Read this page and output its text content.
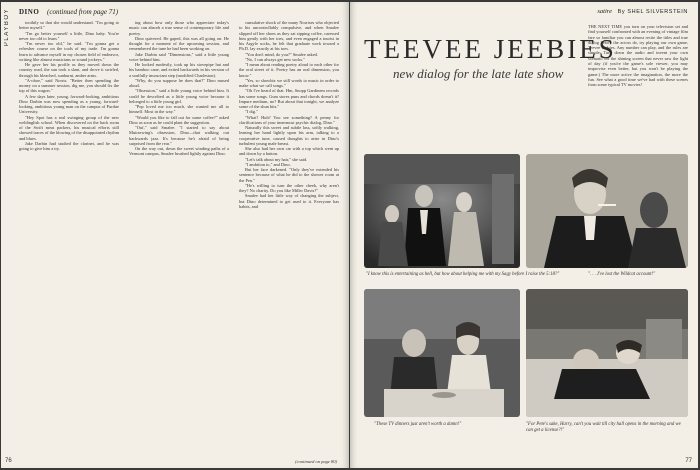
PLAYBOY DINO (continued from page 71)

toothily so that she would understand. "I'm going to better myself."

"I'm go better yourself a little, Dino baby. You're never too old to learn."

"I'm never too old," he said. "I'm gonna get a refresher course on the tools of my trade. I'm gonna learn to advance myself in my chosen field of endeavor, writing like almost musicians or sound jockeys."

He gave her his profile as they moved down the country road, the sun took a slant, and drove it swirled, through his bleached, sunburnt, amber arms.

"A-oboe," said Norris. "Better then spending the money on a summer session, dig me, you should fix the top of this wagon."

A few days later, young, forward-looking, ambitious Dino Darbin was now spending as a young, forward-looking, ambitious young man on the campus of Purdue University.

"Hey Spot has a real swinging group of the new weldinglish school. When discovered on the back room of the Swift meat packers, his musical efforts still showed traces of the blowing of the disappointed rhythm and blues.

Jake Darbin had studied the clarinet, and he was going to give him a try.

ing about how only those who appreciate today's music can absorb a true sense of contemporary life and poetry.

Dino quivered. He gaped, this was all going on. He thought for a moment of the upcoming session, and remembered the tune he had been working on.

Jake Darbin said "Dimensions," said a little young voice behind him.

He looked modestly, took up his stovepipe hat and his bamboo cane, and exited backwards in his version of a soulfully insouciant step (modified Charleston).

"Why, do you suppose he does that?" Dino mused aloud.

"Obsession," said a little young voice behind him. It could be described as a little young voice because it belonged to a little young girl.

"Pop loved me too much, she wanted me all to himself. Most in the way."

"Would you like to fall out for some coffee?" asked Dino as soon as he could plant the suggestion.

"Ouf," said Smalee. "I started to say about Muirsewing's obsession, Dino—that walking out backwards jazz. It's because he's afraid of being surprised from the rear."

On the way out, down the sweet winding paths of a Vermont campus, Smalee brushed lightly against Dino.

cumulative shock of the many Norrises who objected to his uncontrollably compulsive, and when Smalee slipped off her shoes as they sat sipping coffee, caressed him gently with her toes, and even engaged a tourist in his Argyle socks, he felt that graduate work toward a Ph.D. lay exactly at his toes.

"You don't mind, do you?" Smalee asked.

"No, I can always get new socks."

"I mean about reading poetry aloud to each other for the oral street of it. Poetry has an oral dimension, you know."

"Yes, so showbiz we still words to music in order to make what we call songs."

"Oh I've heard of that. Hm, Snopp Gardinem records has some songs. Gum stores puns and chords doesn't it? Impure medium, no? But about that tonight, we analyze some of the shun bits."

"I dig."

"What? Huh? You see something? A penny for clarifications of your innermost psychic dialog, Dino."

Naturally this sweet and subtle lass, softly walking, leaning her hand lightly upon his arm, talking to a cooperative tune, caused thoughts to arise in Dino's turbulent young male breast.

She also had her own car with a top which went up and down by a button.

"Let's talk about my hair," she said.

"I ambition to," and Dino.

But her face darkened. "Only they've extended his sentence because of what he did to the shower room at the Pen."

"He's willing to turn the other cheek, why aren't they? No charity. Do you like Miller Davis?"

Smalee had her little way of changing the subject, but Dino determined to get used to it. Everyone has habits, and

76	(continued on page 80)
satire By SHEL SILVERSTEIN
TEEVEE JEEBIES
new dialog for the late late show
THE NEXT TIME you turn on your television set and find yourself confronted with an evening of vintage film fare so familiar you can almost recite the titles and true dialog before the actors do, try playing our own game, Teevee Jeebies. Any number can play, and the rules are simple: Turn down the audio and invent your own scenario for the shining screen that never saw the light of day (if you're the game's sole viewer, you may improvise even better, but you won't be playing the game.) The more active the imagination, the more the fun. See what a good time we've had with these scenes from some typical TV movies!
"I know this is entertaining as hell, but how about helping me with my Sagy before I raise the 5:18?"	". . . I've lost the Wildcat account!"
"These TV dinners just aren't worth a damn!"	"For Pete's sake, Harry, can't you wait till city hall opens in the morning and we can get a license?!"
77
